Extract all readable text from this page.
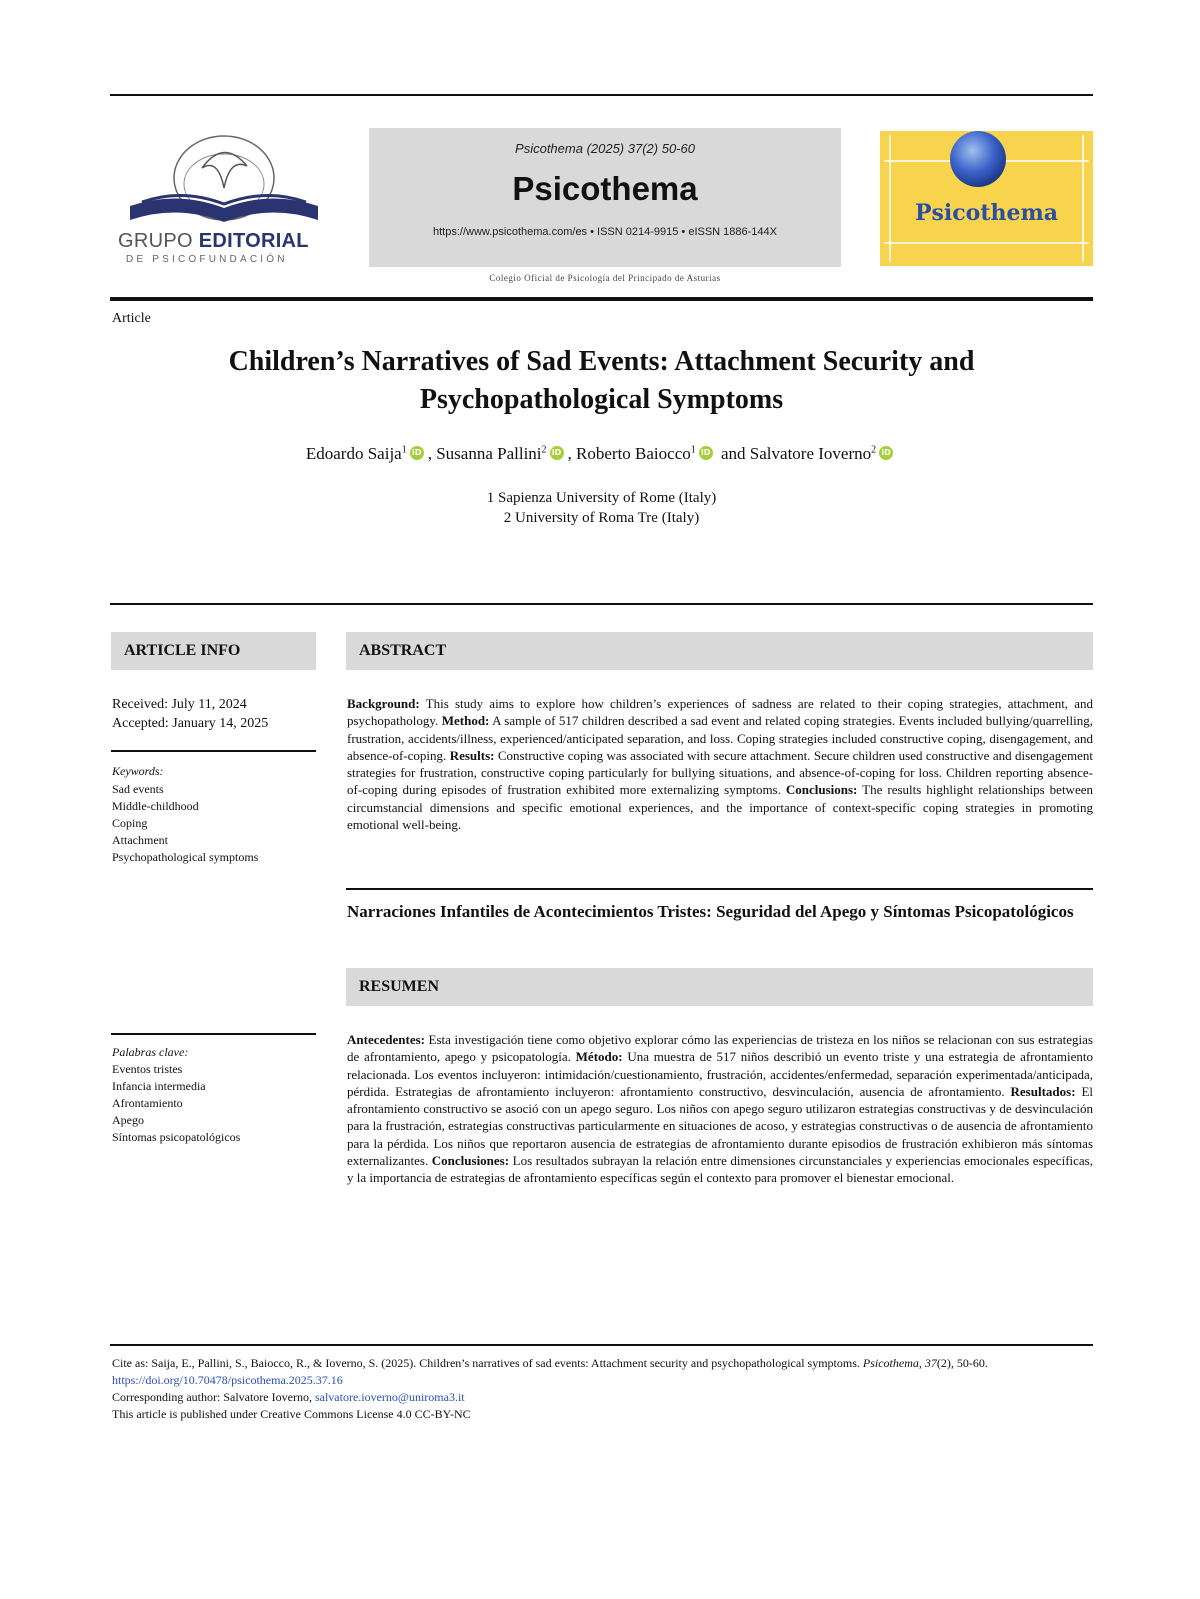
GRUPO EDITORIAL
DE PSICOFUNDACIÓN
Psicothema (2025) 37(2) 50-60
Psicothema
https://www.psicothema.com/es • ISSN 0214-9915 • eISSN 1886-144X
Colegio Oficial de Psicología del Principado de Asturias
Psicothema
Article
Children’s Narratives of Sad Events: Attachment Security and
Psychopathological Symptoms
Edoardo Saija$^1$ iD , Susanna Pallini$^2$ iD , Roberto Baiocco$^1$ iD and Salvatore Ioverno$^2$ iD
1 Sapienza University of Rome (Italy)
2 University of Roma Tre (Italy)
ARTICLE INFO
Received: July 11, 2024
Accepted: January 14, 2025
Keywords:
Sad events
Middle-childhood
Coping
Attachment
Psychopathological symptoms
Palabras clave:
Eventos tristes
Infancia intermedia
Afrontamiento
Apego
Síntomas psicopatológicos
ABSTRACT
Background: This study aims to explore how children’s experiences of sadness are related to their coping strategies, attachment, and psychopathology. Method: A sample of 517 children described a sad event and related coping strategies. Events included bullying/quarrelling, frustration, accidents/illness, experienced/anticipated separation, and loss. Coping strategies included constructive coping, disengagement, and absence-of-coping. Results: Constructive coping was associated with secure attachment. Secure children used constructive and disengagement strategies for frustration, constructive coping particularly for bullying situations, and absence-of-coping for loss. Children reporting absence-of-coping during episodes of frustration exhibited more externalizing symptoms. Conclusions: The results highlight relationships between circumstancial dimensions and specific emotional experiences, and the importance of context-specific coping strategies in promoting emotional well-being.
Narraciones Infantiles de Acontecimientos Tristes: Seguridad del Apego y Síntomas Psicopatológicos
RESUMEN
Antecedentes: Esta investigación tiene como objetivo explorar cómo las experiencias de tristeza en los niños se relacionan con sus estrategias de afrontamiento, apego y psicopatología. Método: Una muestra de 517 niños describió un evento triste y una estrategia de afrontamiento relacionada. Los eventos incluyeron: intimidación/cuestionamiento, frustración, accidentes/enfermedad, separación experimentada/anticipada, pérdida. Estrategias de afrontamiento incluyeron: afrontamiento constructivo, desvinculación, ausencia de afrontamiento. Resultados: El afrontamiento constructivo se asoció con un apego seguro. Los niños con apego seguro utilizaron estrategias constructivas y de desvinculación para la frustración, estrategias constructivas particularmente en situaciones de acoso, y estrategias constructivas o de ausencia de afrontamiento para la pérdida. Los niños que reportaron ausencia de estrategias de afrontamiento durante episodios de frustración exhibieron más síntomas externalizantes. Conclusiones: Los resultados subrayan la relación entre dimensiones circunstanciales y experiencias emocionales específicas, y la importancia de estrategias de afrontamiento específicas según el contexto para promover el bienestar emocional.
Cite as: Saija, E., Pallini, S., Baiocco, R., & Ioverno, S. (2025). Children’s narratives of sad events: Attachment security and psychopathological symptoms. Psicothema, 37(2), 50-60. https://doi.org/10.70478/psicothema.2025.37.16
Corresponding author: Salvatore Ioverno, salvatore.ioverno@uniroma3.it
This article is published under Creative Commons License 4.0 CC-BY-NC
